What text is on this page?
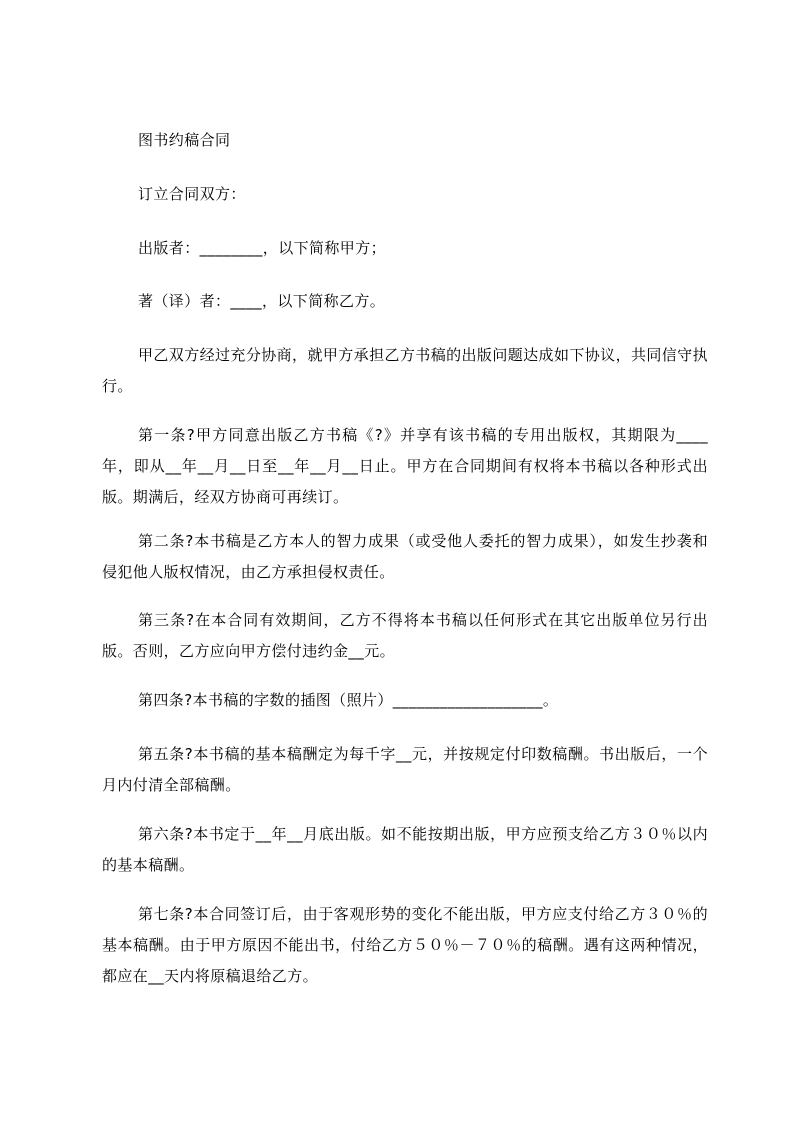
图书约稿合同
订立合同双方：
出版者：________，以下简称甲方；
著（译）者：____，以下简称乙方。
甲乙双方经过充分协商，就甲方承担乙方书稿的出版问题达成如下协议，共同信守执行。
第一条?甲方同意出版乙方书稿《?》并享有该书稿的专用出版权，其期限为____年，即从__年__月__日至__年__月__日止。甲方在合同期间有权将本书稿以各种形式出版。期满后，经双方协商可再续订。
第二条?本书稿是乙方本人的智力成果（或受他人委托的智力成果），如发生抄袭和侵犯他人版权情况，由乙方承担侵权责任。
第三条?在本合同有效期间，乙方不得将本书稿以任何形式在其它出版单位另行出版。否则，乙方应向甲方偿付违约金__元。
第四条?本书稿的字数的插图（照片）___________________。
第五条?本书稿的基本稿酬定为每千字__元，并按规定付印数稿酬。书出版后，一个月内付清全部稿酬。
第六条?本书定于__年__月底出版。如不能按期出版，甲方应预支给乙方３０％以内的基本稿酬。
第七条?本合同签订后，由于客观形势的变化不能出版，甲方应支付给乙方３０％的基本稿酬。由于甲方原因不能出书，付给乙方５０％－７０％的稿酬。遇有这两种情况，都应在__天内将原稿退给乙方。
